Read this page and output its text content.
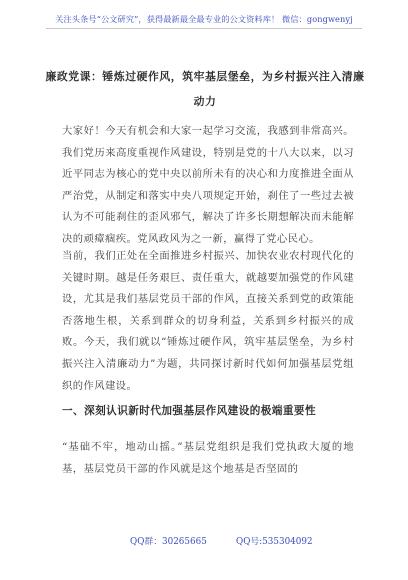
关注头条号“公文研究”，获得最新最全最专业的公文资料库！ 微信：gongwenyj
廉政党课：锤炼过硬作风，筑牢基层堡垒，为乡村振兴注入清廉动力
大家好！今天有机会和大家一起学习交流，我感到非常高兴。我们党历来高度重视作风建设，特别是党的十八大以来，以习近平同志为核心的党中央以前所未有的决心和力度推进全面从严治党，从制定和落实中央八项规定开始，刹住了一些过去被认为不可能刹住的歪风邪气，解决了许多长期想解决而未能解决的顽瘴痼疾。党风政风为之一新，赢得了党心民心。
当前，我们正处在全面推进乡村振兴、加快农业农村现代化的关键时期。越是任务艰巨、责任重大，就越要加强党的作风建设，尤其是我们基层党员干部的作风，直接关系到党的政策能否落地生根，关系到群众的切身利益，关系到乡村振兴的成败。今天，我们就以“锤炼过硬作风，筑牢基层堡垒，为乡村振兴注入清廉动力”为题，共同探讨新时代如何加强基层党组织的作风建设。
一、深刻认识新时代加强基层作风建设的极端重要性
“基础不牢，地动山摇。”基层党组织是我们党执政大厦的地基，基层党员干部的作风就是这个地基是否坚固的
QQ群：30265665	QQ号:535304092
